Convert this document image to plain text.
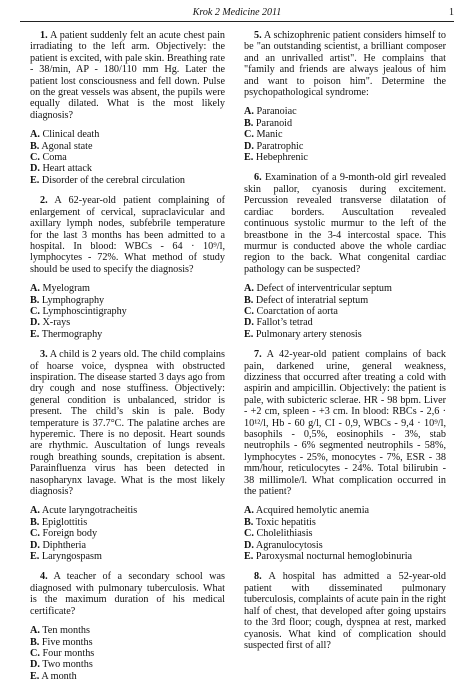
Krok 2 Medicine 2011	1

1. A patient suddenly felt an acute chest pain irradiating to the left arm. Objectively: the patient is excited, with pale skin. Breathing rate - 38/min, AP - 180/110 mm Hg. Later the patient lost consciousness and fell down. Pulse on the great vessels was absent, the pupils were equally dilated. What is the most likely diagnosis?

A. Clinical death
B. Agonal state
C. Coma
D. Heart attack
E. Disorder of the cerebral circulation

2. A 62-year-old patient complaining of enlargement of cervical, supraclavicular and axillary lymph nodes, subfebrile temperature for the last 3 months has been admitted to a hospital. In blood: WBCs - 64 · 10⁹/l, lymphocytes - 72%. What method of study should be used to specify the diagnosis?

A. Myelogram
B. Lymphography
C. Lymphoscintigraphy
D. X-rays
E. Thermography

3. A child is 2 years old. The child complains of hoarse voice, dyspnea with obstructed inspiration. The disease started 3 days ago from dry cough and nose stuffiness. Objectively: general condition is unbalanced, stridor is present. The child’s skin is pale. Body temperature is 37.7°C. The palatine arches are hyperemic. There is no deposit. Heart sounds are rhythmic. Auscultation of lungs reveals rough breathing sounds, crepitation is absent. Parainfluenza virus has been detected in nasopharynx lavage. What is the most likely diagnosis?

A. Acute laryngotracheitis
B. Epiglottitis
C. Foreign body
D. Diphtheria
E. Laryngospasm

4. A teacher of a secondary school was diagnosed with pulmonary tuberculosis. What is the maximum duration of his medical certificate?

A. Ten months
B. Five months
C. Four months
D. Two months
E. A month

5. A schizophrenic patient considers himself to be "an outstanding scientist, a brilliant composer and an unrivalled artist". He complains that "family and friends are always jealous of him and want to poison him". Determine the psychopathological syndrome:

A. Paranoiac
B. Paranoid
C. Manic
D. Paratrophic
E. Hebephrenic

6. Examination of a 9-month-old girl revealed skin pallor, cyanosis during excitement. Percussion revealed transverse dilatation of cardiac borders. Auscultation revealed continuous systolic murmur to the left of the breastbone in the 3-4 intercostal space. This murmur is conducted above the whole cardiac region to the back. What congenital cardiac pathology can be suspected?

A. Defect of interventricular septum
B. Defect of interatrial septum
C. Coarctation of aorta
D. Fallot’s tetrad
E. Pulmonary artery stenosis

7. A 42-year-old patient complains of back pain, darkened urine, general weakness, dizziness that occurred after treating a cold with aspirin and ampicillin. Objectively: the patient is pale, with subicteric sclerae. HR - 98 bpm. Liver - +2 cm, spleen - +3 cm. In blood: RBCs - 2,6 · 10¹²/l, Hb - 60 g/l, CI - 0,9, WBCs - 9,4 · 10⁹/l, basophils - 0,5%, eosinophils - 3%, stab neutrophils - 6% segmented neutrophils - 58%, lymphocytes - 25%, monocytes - 7%, ESR - 38 mm/hour, reticulocytes - 24%. Total bilirubin - 38 millimole/l. What complication occurred in the patient?

A. Acquired hemolytic anemia
B. Toxic hepatitis
C. Cholelithiasis
D. Agranulocytosis
E. Paroxysmal nocturnal hemoglobinuria

8. A hospital has admitted a 52-year-old patient with disseminated pulmonary tuberculosis, complaints of acute pain in the right half of chest, that developed after going upstairs to the 3rd floor; cough, dyspnea at rest, marked cyanosis. What kind of complication should suspected first of all?
